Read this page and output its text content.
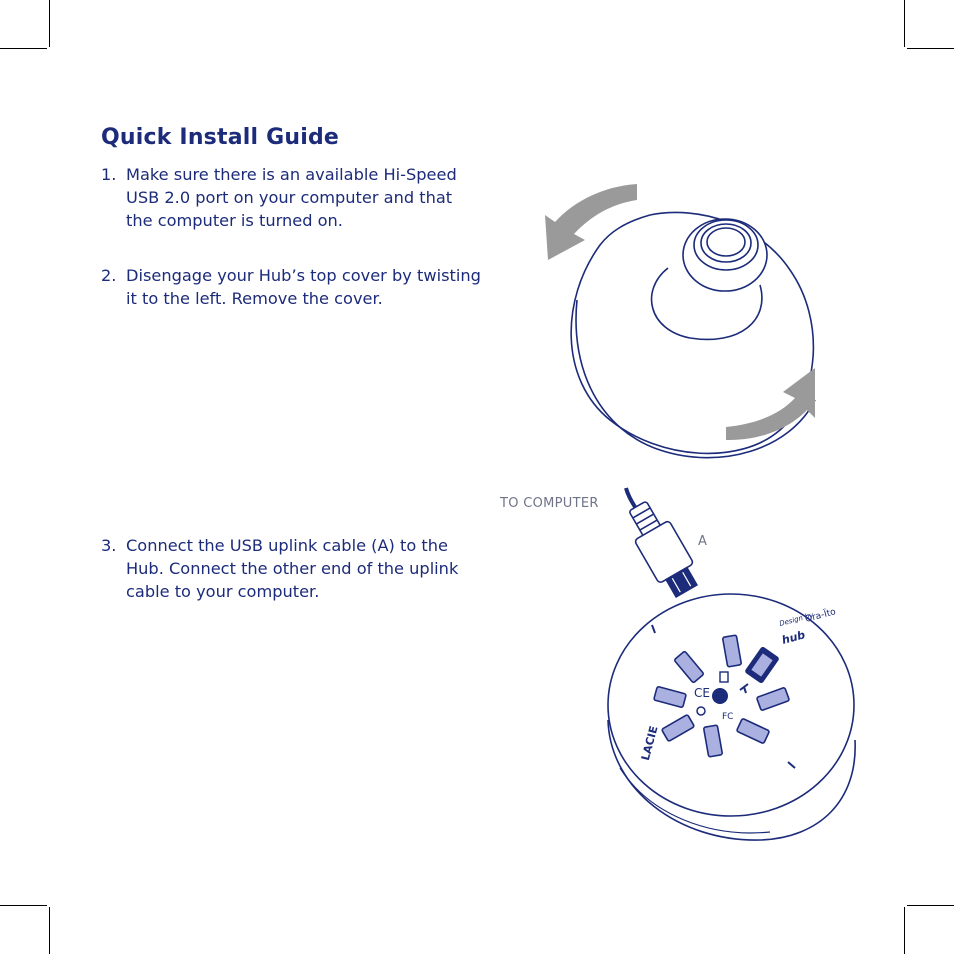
Quick Install Guide
1. Make sure there is an available Hi-Speed
USB 2.0 port on your computer and that
the computer is turned on.
2. Disengage your Hub’s top cover by twisting
it to the left. Remove the cover.
3. Connect the USB uplink cable (A) to the
Hub. Connect the other end of the uplink
cable to your computer.
TO COMPUTER
A
CE
FC
LACIE
Design by
Ora-Ïto
hub
